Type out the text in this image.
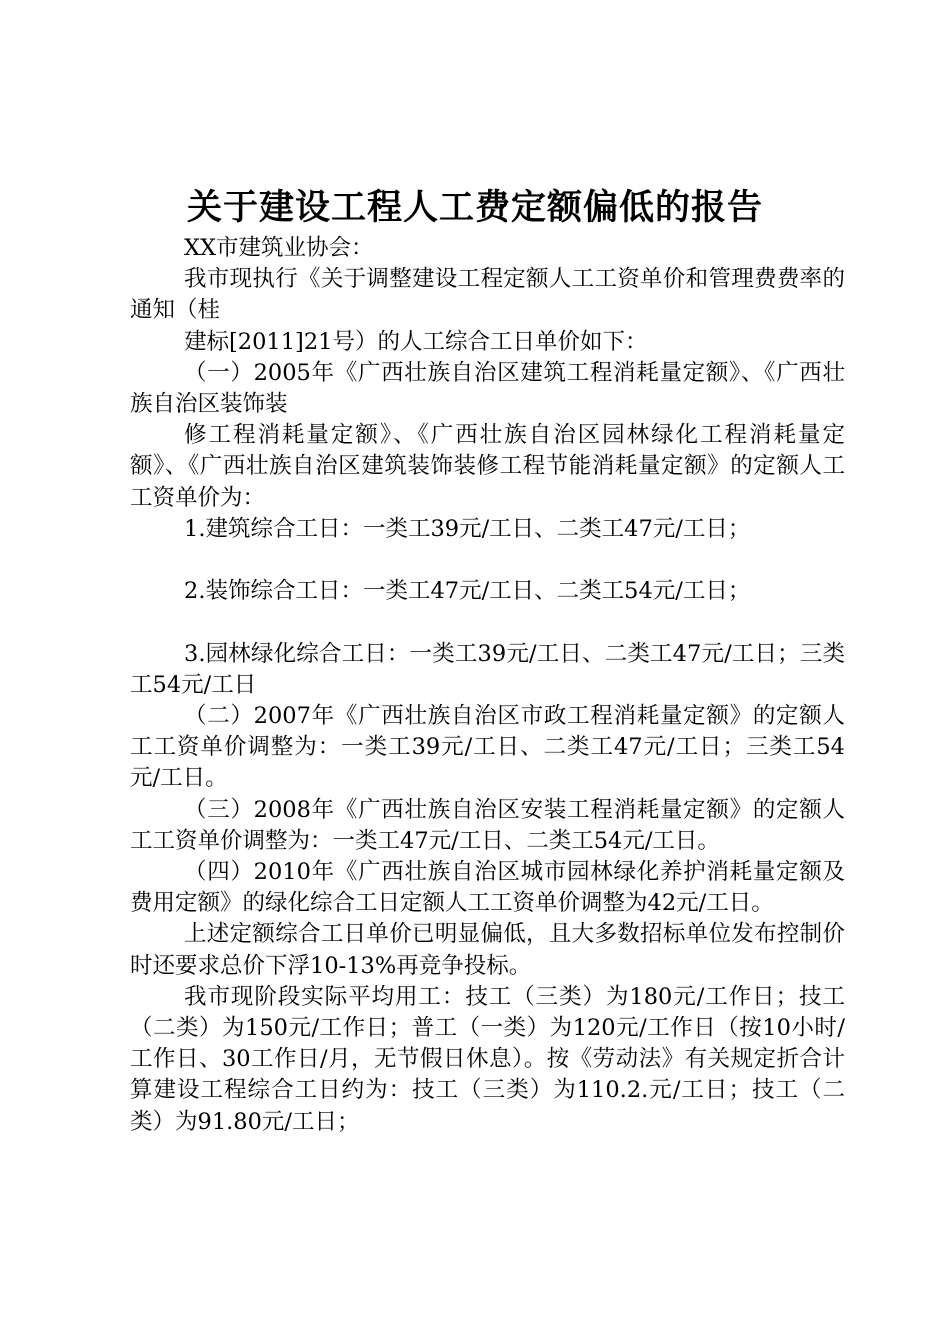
关于建设工程人工费定额偏低的报告

XX市建筑业协会：

我市现执行《关于调整建设工程定额人工工资单价和管理费费率的通知（桂

建标[2011]21号）的人工综合工日单价如下：

（一）2005年《广西壮族自治区建筑工程消耗量定额》、《广西壮族自治区装饰装

修工程消耗量定额》、《广西壮族自治区园林绿化工程消耗量定额》、《广西壮族自治区建筑装饰装修工程节能消耗量定额》的定额人工工资单价为：

1.建筑综合工日：一类工39元/工日、二类工47元/工日；

2.装饰综合工日：一类工47元/工日、二类工54元/工日；

3.园林绿化综合工日：一类工39元/工日、二类工47元/工日；三类工54元/工日

（二）2007年《广西壮族自治区市政工程消耗量定额》的定额人工工资单价调整为：一类工39元/工日、二类工47元/工日；三类工54元/工日。

（三）2008年《广西壮族自治区安装工程消耗量定额》的定额人工工资单价调整为：一类工47元/工日、二类工54元/工日。

（四）2010年《广西壮族自治区城市园林绿化养护消耗量定额及费用定额》的绿化综合工日定额人工工资单价调整为42元/工日。

上述定额综合工日单价已明显偏低，且大多数招标单位发布控制价时还要求总价下浮10-13%再竞争投标。

我市现阶段实际平均用工：技工（三类）为180元/工作日；技工（二类）为150元/工作日；普工（一类）为120元/工作日（按10小时/工作日、30工作日/月，无节假日休息）。按《劳动法》有关规定折合计算建设工程综合工日约为：技工（三类）为110.2.元/工日；技工（二类）为91.80元/工日；
